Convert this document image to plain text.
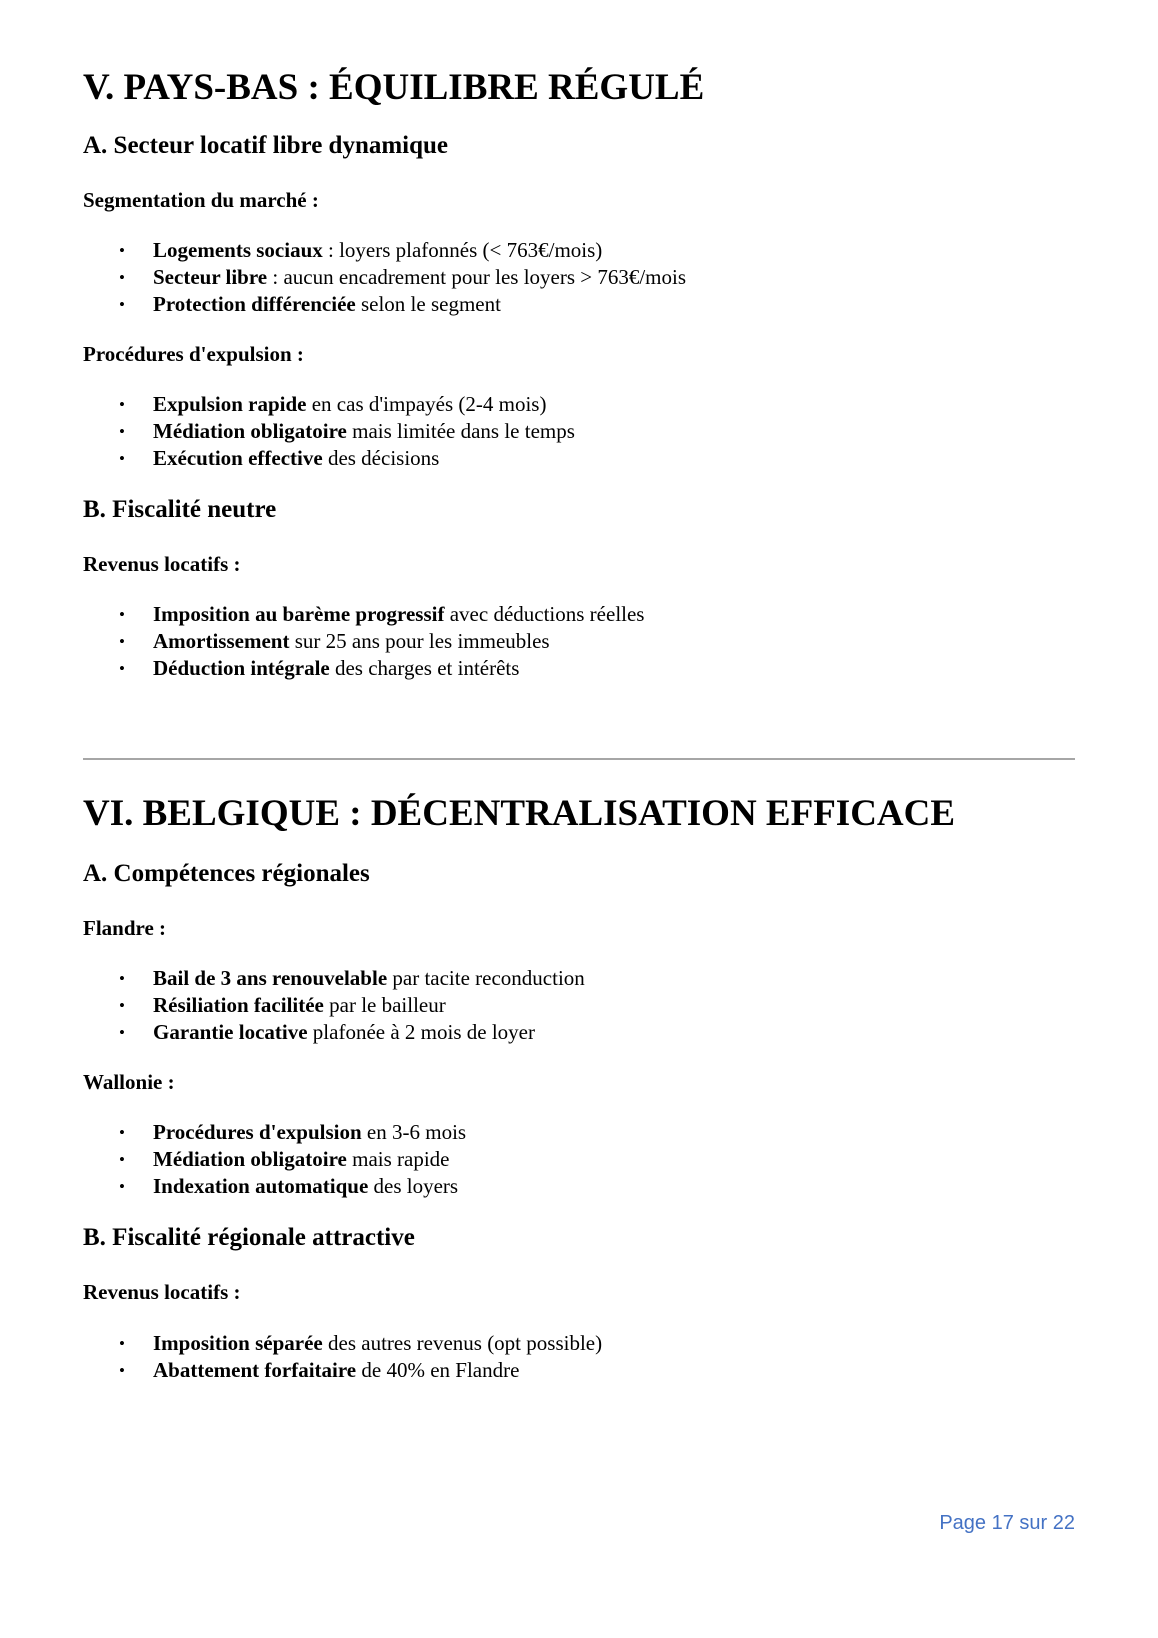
V. PAYS-BAS : ÉQUILIBRE RÉGULÉ
A. Secteur locatif libre dynamique

Segmentation du marché :

• Logements sociaux : loyers plafonnés (< 763€/mois)
• Secteur libre : aucun encadrement pour les loyers > 763€/mois
• Protection différenciée selon le segment

Procédures d'expulsion :

• Expulsion rapide en cas d'impayés (2-4 mois)
• Médiation obligatoire mais limitée dans le temps
• Exécution effective des décisions
B. Fiscalité neutre

Revenus locatifs :

• Imposition au barème progressif avec déductions réelles
• Amortissement sur 25 ans pour les immeubles
• Déduction intégrale des charges et intérêts
VI. BELGIQUE : DÉCENTRALISATION EFFICACE
A. Compétences régionales

Flandre :

• Bail de 3 ans renouvelable par tacite reconduction
• Résiliation facilitée par le bailleur
• Garantie locative plafonée à 2 mois de loyer

Wallonie :

• Procédures d'expulsion en 3-6 mois
• Médiation obligatoire mais rapide
• Indexation automatique des loyers
B. Fiscalité régionale attractive

Revenus locatifs :

• Imposition séparée des autres revenus (opt possible)
• Abattement forfaitaire de 40% en Flandre
Page 17 sur 22
